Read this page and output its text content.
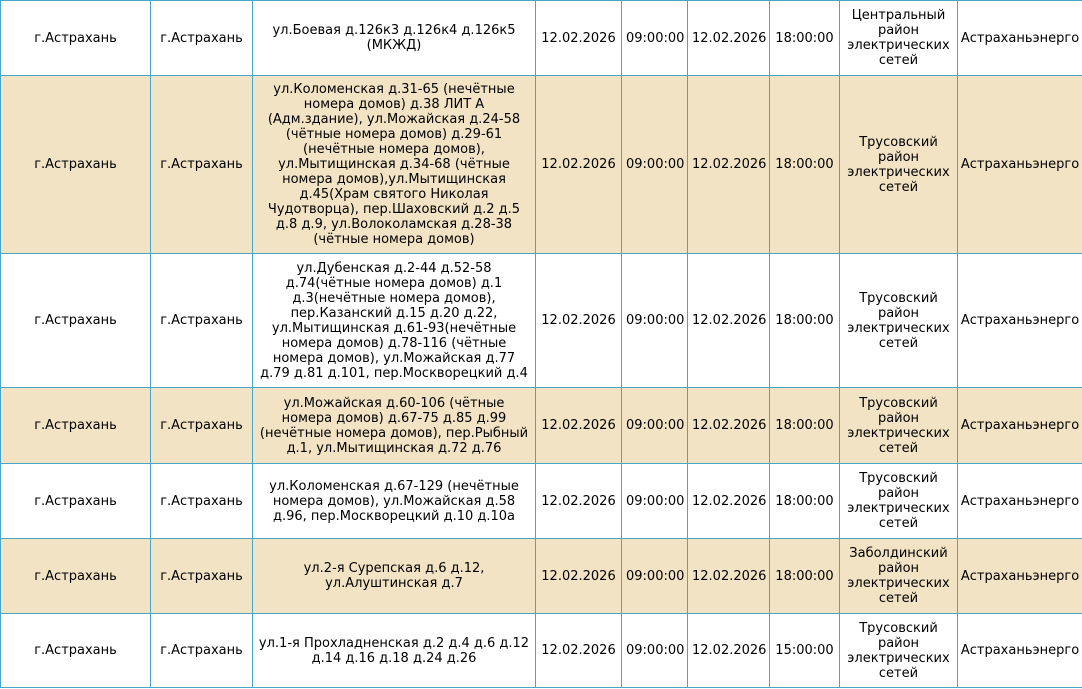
г.Астрахань	г.Астрахань	ул.Боевая д.126к3 д.126к4 д.126к5 (МКЖД)	12.02.2026	09:00:00	12.02.2026	18:00:00	Центральный район электрических сетей	Астраханьэнерго
г.Астрахань	г.Астрахань	ул.Коломенская д.31-65 (нечётные номера домов) д.38 ЛИТ А (Адм.здание), ул.Можайская д.24-58 (чётные номера домов) д.29-61 (нечётные номера домов), ул.Мытищинская д.34-68 (чётные номера домов),ул.Мытищинская д.45(Храм святого Николая Чудотворца), пер.Шаховский д.2 д.5 д.8 д.9, ул.Волоколамская д.28-38 (чётные номера домов)	12.02.2026	09:00:00	12.02.2026	18:00:00	Трусовский район электрических сетей	Астраханьэнерго
г.Астрахань	г.Астрахань	ул.Дубенская д.2-44 д.52-58 д.74(чётные номера домов) д.1 д.3(нечётные номера домов), пер.Казанский д.15 д.20 д.22, ул.Мытищинская д.61-93(нечётные номера домов) д.78-116 (чётные номера домов), ул.Можайская д.77 д.79 д.81 д.101, пер.Москворецкий д.4	12.02.2026	09:00:00	12.02.2026	18:00:00	Трусовский район электрических сетей	Астраханьэнерго
г.Астрахань	г.Астрахань	ул.Можайская д.60-106 (чётные номера домов) д.67-75 д.85 д.99 (нечётные номера домов), пер.Рыбный д.1, ул.Мытищинская д.72 д.76	12.02.2026	09:00:00	12.02.2026	18:00:00	Трусовский район электрических сетей	Астраханьэнерго
г.Астрахань	г.Астрахань	ул.Коломенская д.67-129 (нечётные номера домов), ул.Можайская д.58 д.96, пер.Москворецкий д.10 д.10а	12.02.2026	09:00:00	12.02.2026	18:00:00	Трусовский район электрических сетей	Астраханьэнерго
г.Астрахань	г.Астрахань	ул.2-я Сурепская д.6 д.12, ул.Алуштинская д.7	12.02.2026	09:00:00	12.02.2026	18:00:00	Заболдинский район электрических сетей	Астраханьэнерго
г.Астрахань	г.Астрахань	ул.1-я Прохладненская д.2 д.4 д.6 д.12 д.14 д.16 д.18 д.24 д.26	12.02.2026	09:00:00	12.02.2026	15:00:00	Трусовский район электрических сетей	Астраханьэнерго
